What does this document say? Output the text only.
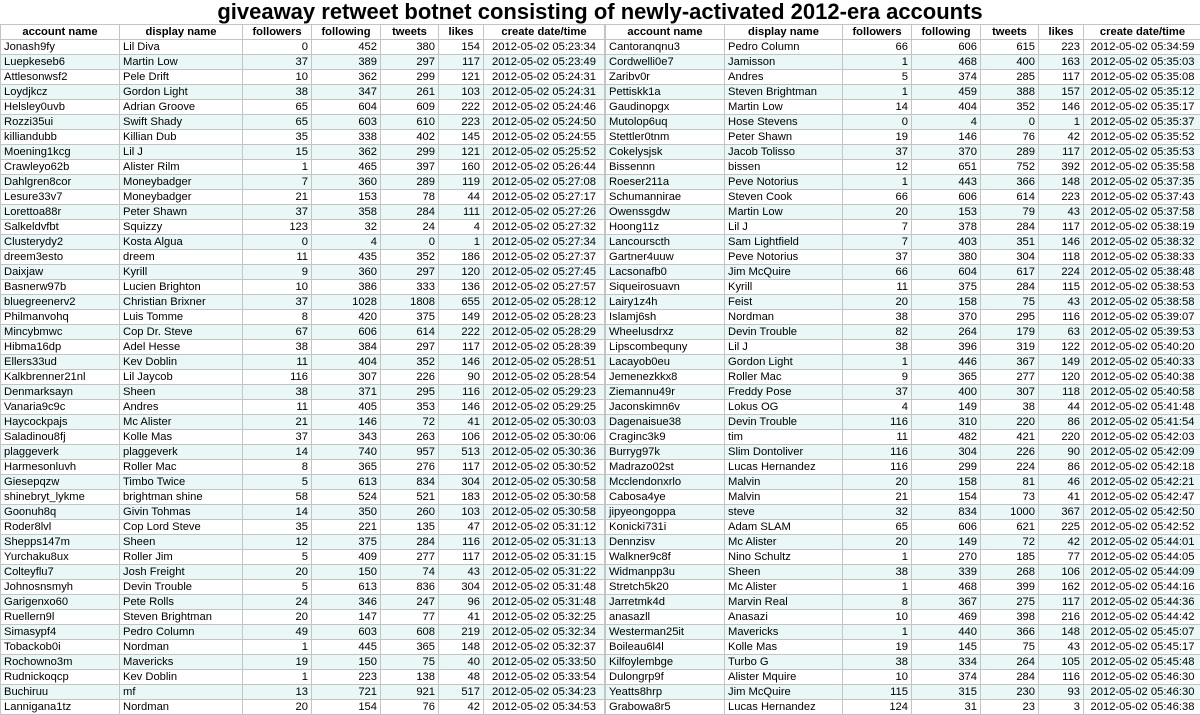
giveaway retweet botnet consisting of newly-activated 2012-era accounts
account name	display name	followers	following	tweets	likes	create date/time
Jonash9fy	Lil Diva	0	452	380	154	2012-05-02 05:23:34
Luepkeseb6	Martin Low	37	389	297	117	2012-05-02 05:23:49
Attlesonwsf2	Pele Drift	10	362	299	121	2012-05-02 05:24:31
Loydjkcz	Gordon Light	38	347	261	103	2012-05-02 05:24:31
Helsley0uvb	Adrian Groove	65	604	609	222	2012-05-02 05:24:46
Rozzi35ui	Swift Shady	65	603	610	223	2012-05-02 05:24:50
killiandubb	Killian Dub	35	338	402	145	2012-05-02 05:24:55
Moening1kcg	Lil J	15	362	299	121	2012-05-02 05:25:52
Crawleyo62b	Alister Rilm	1	465	397	160	2012-05-02 05:26:44
Dahlgren8cor	Moneybadger	7	360	289	119	2012-05-02 05:27:08
Lesure33v7	Moneybadger	21	153	78	44	2012-05-02 05:27:17
Lorettoa88r	Peter Shawn	37	358	284	111	2012-05-02 05:27:26
Salkeldvfbt	Squizzy	123	32	24	4	2012-05-02 05:27:32
Clusterydy2	Kosta Algua	0	4	0	1	2012-05-02 05:27:34
dreem3esto	dreem	11	435	352	186	2012-05-02 05:27:37
Daixjaw	Kyrill	9	360	297	120	2012-05-02 05:27:45
Basnerw97b	Lucien Brighton	10	386	333	136	2012-05-02 05:27:57
bluegreenerv2	Christian Brixner	37	1028	1808	655	2012-05-02 05:28:12
Philmanvohq	Luis Tomme	8	420	375	149	2012-05-02 05:28:23
Mincybmwc	Cop Dr. Steve	67	606	614	222	2012-05-02 05:28:29
Hibma16dp	Adel Hesse	38	384	297	117	2012-05-02 05:28:39
Ellers33ud	Kev Doblin	11	404	352	146	2012-05-02 05:28:51
Kalkbrenner21nl	Lil Jaycob	116	307	226	90	2012-05-02 05:28:54
Denmarksayn	Sheen	38	371	295	116	2012-05-02 05:29:23
Vanaria9c9c	Andres	11	405	353	146	2012-05-02 05:29:25
Haycockpajs	Mc Alister	21	146	72	41	2012-05-02 05:30:03
Saladinou8fj	Kolle Mas	37	343	263	106	2012-05-02 05:30:06
plaggeverk	plaggeverk	14	740	957	513	2012-05-02 05:30:36
Harmesonluvh	Roller Mac	8	365	276	117	2012-05-02 05:30:52
Giesepqzw	Timbo Twice	5	613	834	304	2012-05-02 05:30:58
shinebryt_lykme	brightman shine	58	524	521	183	2012-05-02 05:30:58
Goonuh8q	Givin Tohmas	14	350	260	103	2012-05-02 05:30:58
Roder8lvl	Cop Lord Steve	35	221	135	47	2012-05-02 05:31:12
Shepps147m	Sheen	12	375	284	116	2012-05-02 05:31:13
Yurchaku8ux	Roller Jim	5	409	277	117	2012-05-02 05:31:15
Colteyflu7	Josh Freight	20	150	74	43	2012-05-02 05:31:22
Johnosnsmyh	Devin Trouble	5	613	836	304	2012-05-02 05:31:48
Garigenxo60	Pete Rolls	24	346	247	96	2012-05-02 05:31:48
Ruellern9l	Steven Brightman	20	147	77	41	2012-05-02 05:32:25
Simasypf4	Pedro Column	49	603	608	219	2012-05-02 05:32:34
Tobackob0i	Nordman	1	445	365	148	2012-05-02 05:32:37
Rochowno3m	Mavericks	19	150	75	40	2012-05-02 05:33:50
Rudnickoqcp	Kev Doblin	1	223	138	48	2012-05-02 05:33:54
Buchiruu	mf	13	721	921	517	2012-05-02 05:34:23
Lannigana1tz	Nordman	20	154	76	42	2012-05-02 05:34:53
account name	display name	followers	following	tweets	likes	create date/time
Cantoranqnu3	Pedro Column	66	606	615	223	2012-05-02 05:34:59
Cordwelli0e7	Jamisson	1	468	400	163	2012-05-02 05:35:03
Zaribv0r	Andres	5	374	285	117	2012-05-02 05:35:08
Pettiskk1a	Steven Brightman	1	459	388	157	2012-05-02 05:35:12
Gaudinopgx	Martin Low	14	404	352	146	2012-05-02 05:35:17
Mutolop6uq	Hose Stevens	0	4	0	1	2012-05-02 05:35:37
Stettler0tnm	Peter Shawn	19	146	76	42	2012-05-02 05:35:52
Cokelysjsk	Jacob Tolisso	37	370	289	117	2012-05-02 05:35:53
Bissennn	bissen	12	651	752	392	2012-05-02 05:35:58
Roeser211a	Peve Notorius	1	443	366	148	2012-05-02 05:37:35
Schumannirae	Steven Cook	66	606	614	223	2012-05-02 05:37:43
Owenssgdw	Martin Low	20	153	79	43	2012-05-02 05:37:58
Hoong11z	Lil J	7	378	284	117	2012-05-02 05:38:19
Lancourscth	Sam Lightfield	7	403	351	146	2012-05-02 05:38:32
Gartner4uuw	Peve Notorius	37	380	304	118	2012-05-02 05:38:33
Lacsonafb0	Jim McQuire	66	604	617	224	2012-05-02 05:38:48
Siqueirosuavn	Kyrill	11	375	284	115	2012-05-02 05:38:53
Lairy1z4h	Feist	20	158	75	43	2012-05-02 05:38:58
Islamj6sh	Nordman	38	370	295	116	2012-05-02 05:39:07
Wheelusdrxz	Devin Trouble	82	264	179	63	2012-05-02 05:39:53
Lipscombequny	Lil J	38	396	319	122	2012-05-02 05:40:20
Lacayob0eu	Gordon Light	1	446	367	149	2012-05-02 05:40:33
Jemenezkkx8	Roller Mac	9	365	277	120	2012-05-02 05:40:38
Ziemannu49r	Freddy Pose	37	400	307	118	2012-05-02 05:40:58
Jaconskimn6v	Lokus OG	4	149	38	44	2012-05-02 05:41:48
Dagenaisue38	Devin Trouble	116	310	220	86	2012-05-02 05:41:54
Craginc3k9	tim	11	482	421	220	2012-05-02 05:42:03
Burryg97k	Slim Dontoliver	116	304	226	90	2012-05-02 05:42:09
Madrazo02st	Lucas Hernandez	116	299	224	86	2012-05-02 05:42:18
Mcclendonxrlo	Malvin	20	158	81	46	2012-05-02 05:42:21
Cabosa4ye	Malvin	21	154	73	41	2012-05-02 05:42:47
jipyeongoppa	steve	32	834	1000	367	2012-05-02 05:42:50
Konicki731i	Adam SLAM	65	606	621	225	2012-05-02 05:42:52
Dennzisv	Mc Alister	20	149	72	42	2012-05-02 05:44:01
Walkner9c8f	Nino Schultz	1	270	185	77	2012-05-02 05:44:05
Widmanpp3u	Sheen	38	339	268	106	2012-05-02 05:44:09
Stretch5k20	Mc Alister	1	468	399	162	2012-05-02 05:44:16
Jarretmk4d	Marvin Real	8	367	275	117	2012-05-02 05:44:36
anasazll	Anasazi	10	469	398	216	2012-05-02 05:44:42
Westerman25it	Mavericks	1	440	366	148	2012-05-02 05:45:07
Boileau6l4l	Kolle Mas	19	145	75	43	2012-05-02 05:45:17
Kilfoylembge	Turbo G	38	334	264	105	2012-05-02 05:45:48
Dulongrp9f	Alister Mquire	10	374	284	116	2012-05-02 05:46:30
Yeatts8hrp	Jim McQuire	115	315	230	93	2012-05-02 05:46:30
Grabowa8r5	Lucas Hernandez	124	31	23	3	2012-05-02 05:46:38
